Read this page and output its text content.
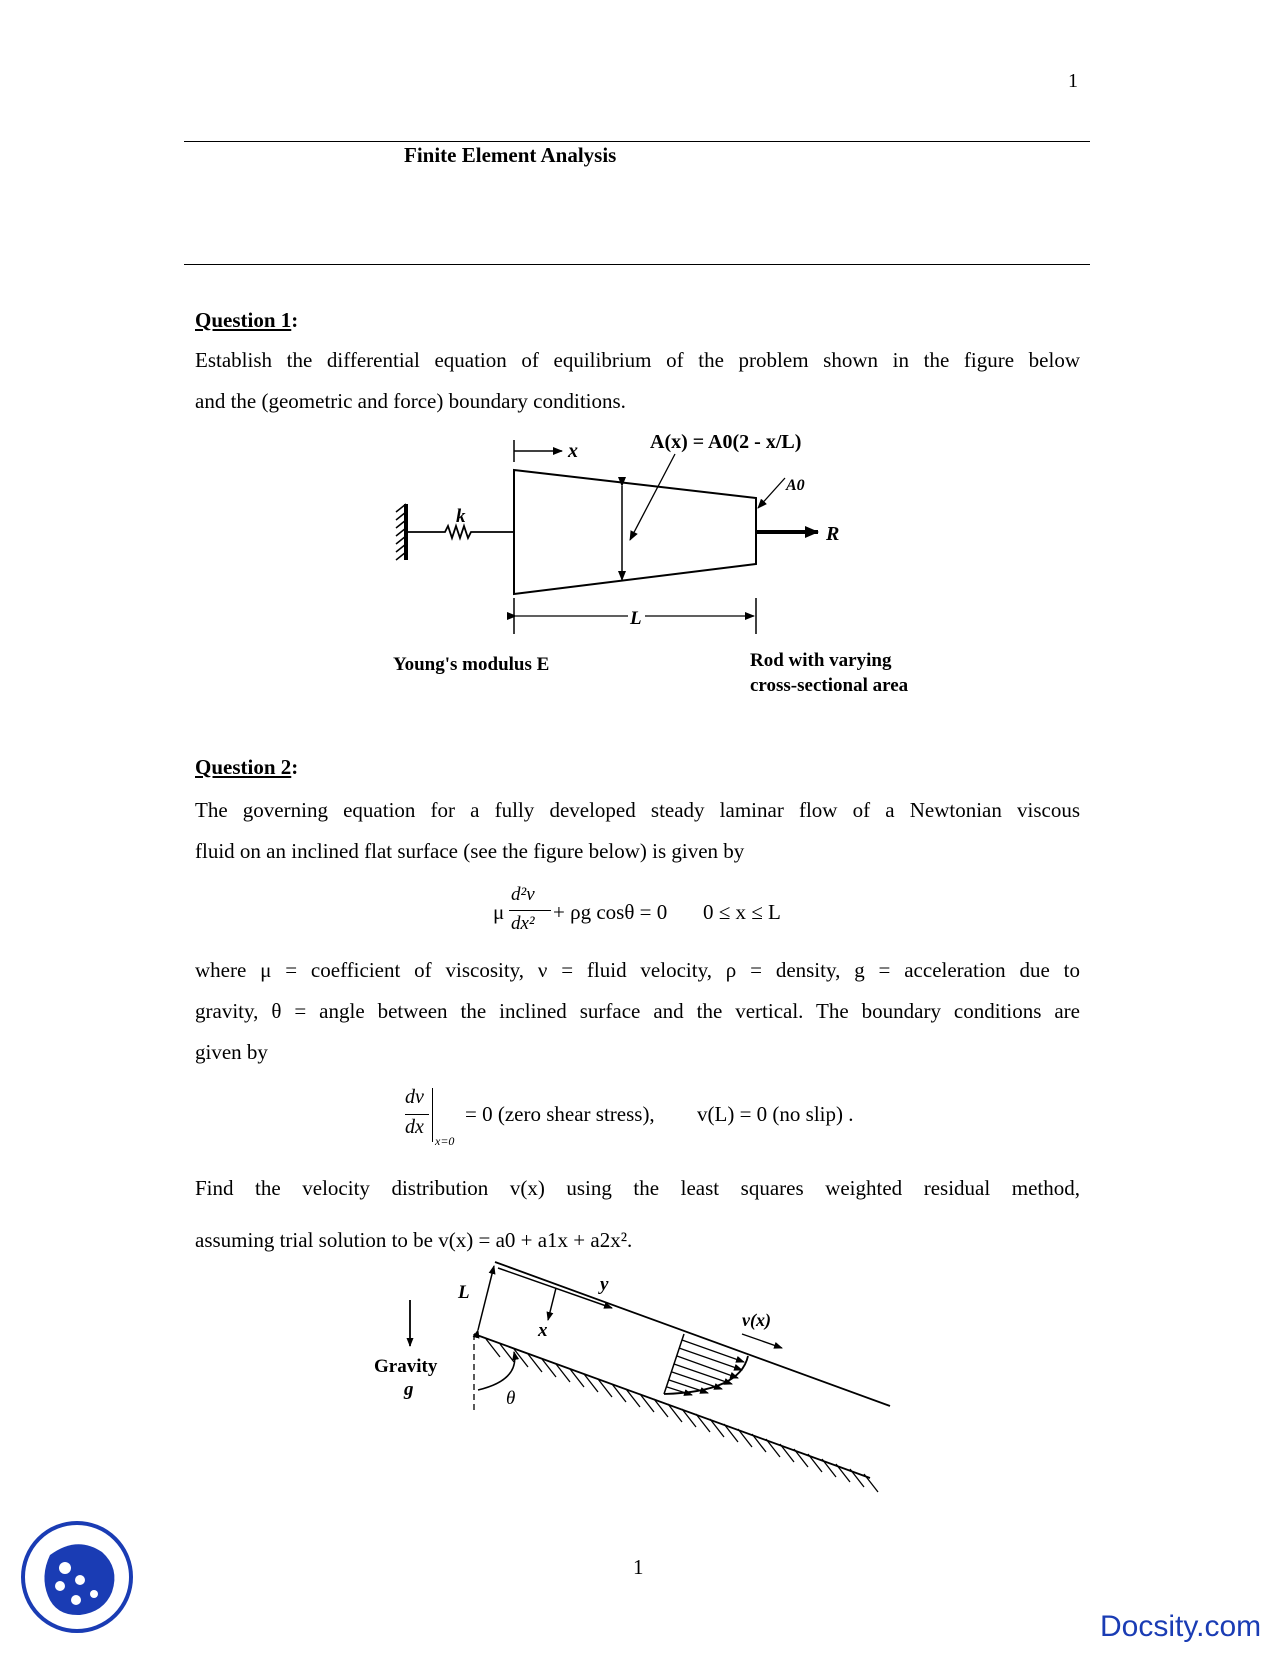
1
Finite Element Analysis
Question 1:
Establish the differential equation of equilibrium of the problem shown in the figure below
and the (geometric and force) boundary conditions.
x	A(x) = A0(2 - x/L)
A0
k
R
L
Young's modulus E	Rod with varying
cross-sectional area
Question 2:
The governing equation for a fully developed steady laminar flow of a Newtonian viscous
fluid on an inclined flat surface (see the figure below) is given by
μ
d²v
dx² + ρg cosθ = 0 0 ≤ x ≤ L
where μ = coefficient of viscosity, ν = fluid velocity, ρ = density, g = acceleration due to
gravity, θ = angle between the inclined surface and the vertical. The boundary conditions are
given by
dv
dx
x=0
= 0 (zero shear stress), v(L) = 0 (no slip) .
Find the velocity distribution v(x) using the least squares weighted residual method,
assuming trial solution to be v(x) = a0 + a1x + a2x².
L	y
x	v(x)
Gravity
g	θ
1
Docsity.com
